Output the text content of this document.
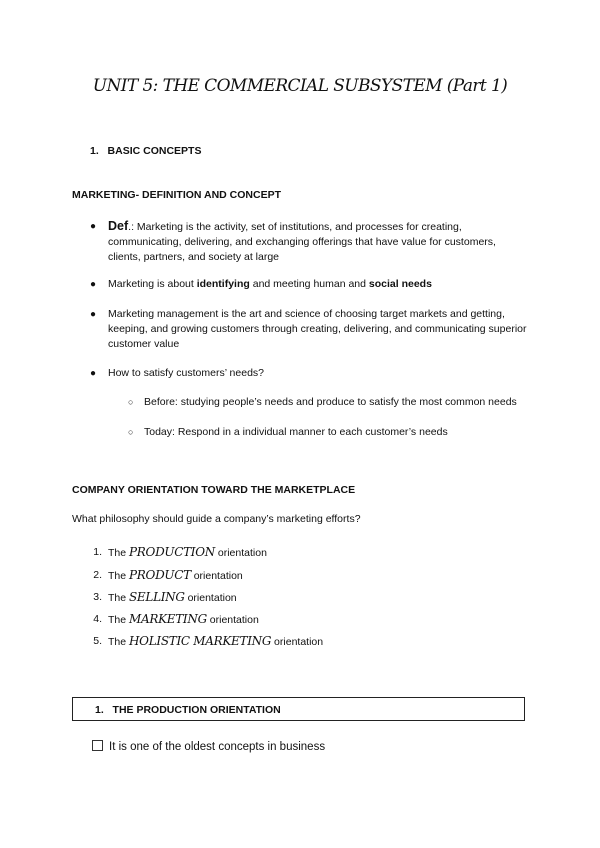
UNIT 5: THE COMMERCIAL SUBSYSTEM (Part 1)
1. BASIC CONCEPTS
MARKETING- DEFINITION AND CONCEPT
● Def.: Marketing is the activity, set of institutions, and processes for creating, communicating, delivering, and exchanging offerings that have value for customers, clients, partners, and society at large
● Marketing is about identifying and meeting human and social needs
● Marketing management is the art and science of choosing target markets and getting, keeping, and growing customers through creating, delivering, and communicating superior customer value
● How to satisfy customers’ needs?
○ Before: studying people’s needs and produce to satisfy the most common needs
○ Today: Respond in a individual manner to each customer’s needs
COMPANY ORIENTATION TOWARD THE MARKETPLACE
What philosophy should guide a company’s marketing efforts?
1. The PRODUCTION orientation
2. The PRODUCT orientation
3. The SELLING orientation
4. The MARKETING orientation
5. The HOLISTIC MARKETING orientation
1. THE PRODUCTION ORIENTATION
It is one of the oldest concepts in business
